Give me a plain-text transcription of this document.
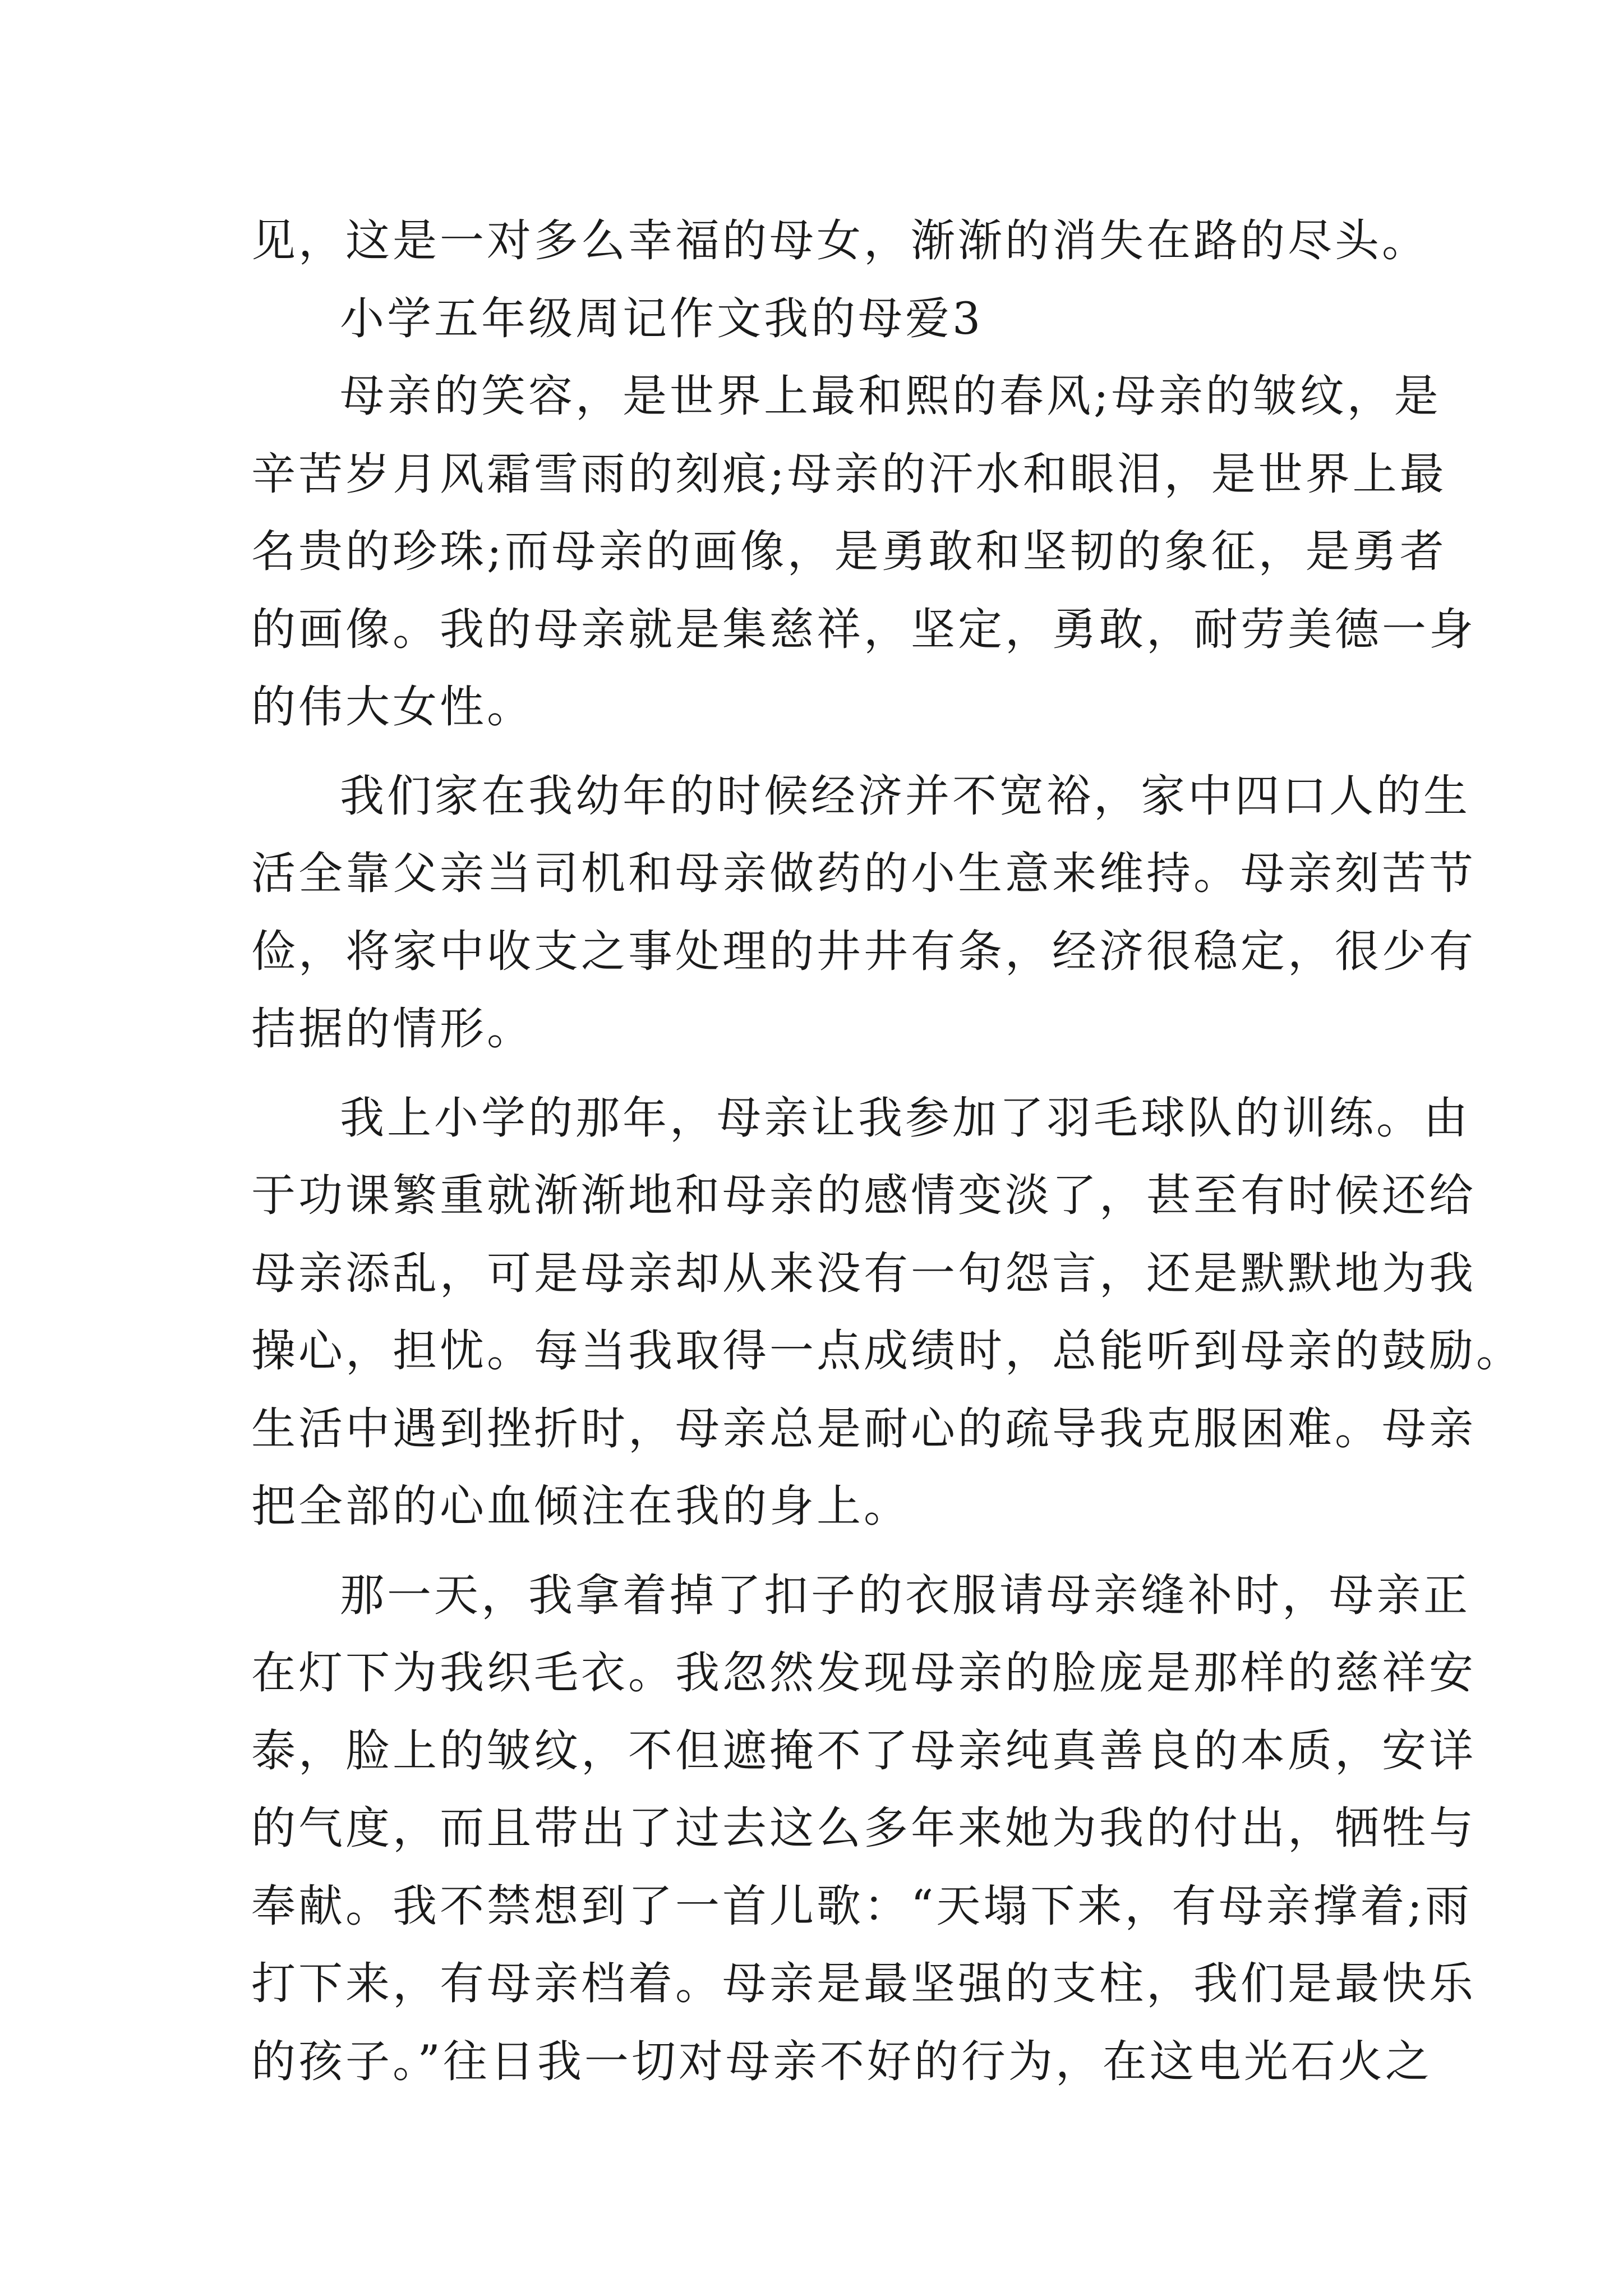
见，这是一对多么幸福的母女，渐渐的消失在路的尽头。
小学五年级周记作文我的母爱3
母亲的笑容，是世界上最和熙的春风;母亲的皱纹，是
辛苦岁月风霜雪雨的刻痕;母亲的汗水和眼泪，是世界上最
名贵的珍珠;而母亲的画像，是勇敢和坚韧的象征，是勇者
的画像。我的母亲就是集慈祥，坚定，勇敢，耐劳美德一身
的伟大女性。
我们家在我幼年的时候经济并不宽裕，家中四口人的生
活全靠父亲当司机和母亲做药的小生意来维持。母亲刻苦节
俭，将家中收支之事处理的井井有条，经济很稳定，很少有
拮据的情形。
我上小学的那年，母亲让我参加了羽毛球队的训练。由
于功课繁重就渐渐地和母亲的感情变淡了，甚至有时候还给
母亲添乱，可是母亲却从来没有一句怨言，还是默默地为我
操心，担忧。每当我取得一点成绩时，总能听到母亲的鼓励。
生活中遇到挫折时，母亲总是耐心的疏导我克服困难。母亲
把全部的心血倾注在我的身上。
那一天，我拿着掉了扣子的衣服请母亲缝补时，母亲正
在灯下为我织毛衣。我忽然发现母亲的脸庞是那样的慈祥安
泰，脸上的皱纹，不但遮掩不了母亲纯真善良的本质，安详
的气度，而且带出了过去这么多年来她为我的付出，牺牲与
奉献。我不禁想到了一首儿歌：“天塌下来，有母亲撑着;雨
打下来，有母亲档着。母亲是最坚强的支柱，我们是最快乐
的孩子。”往日我一切对母亲不好的行为，在这电光石火之
